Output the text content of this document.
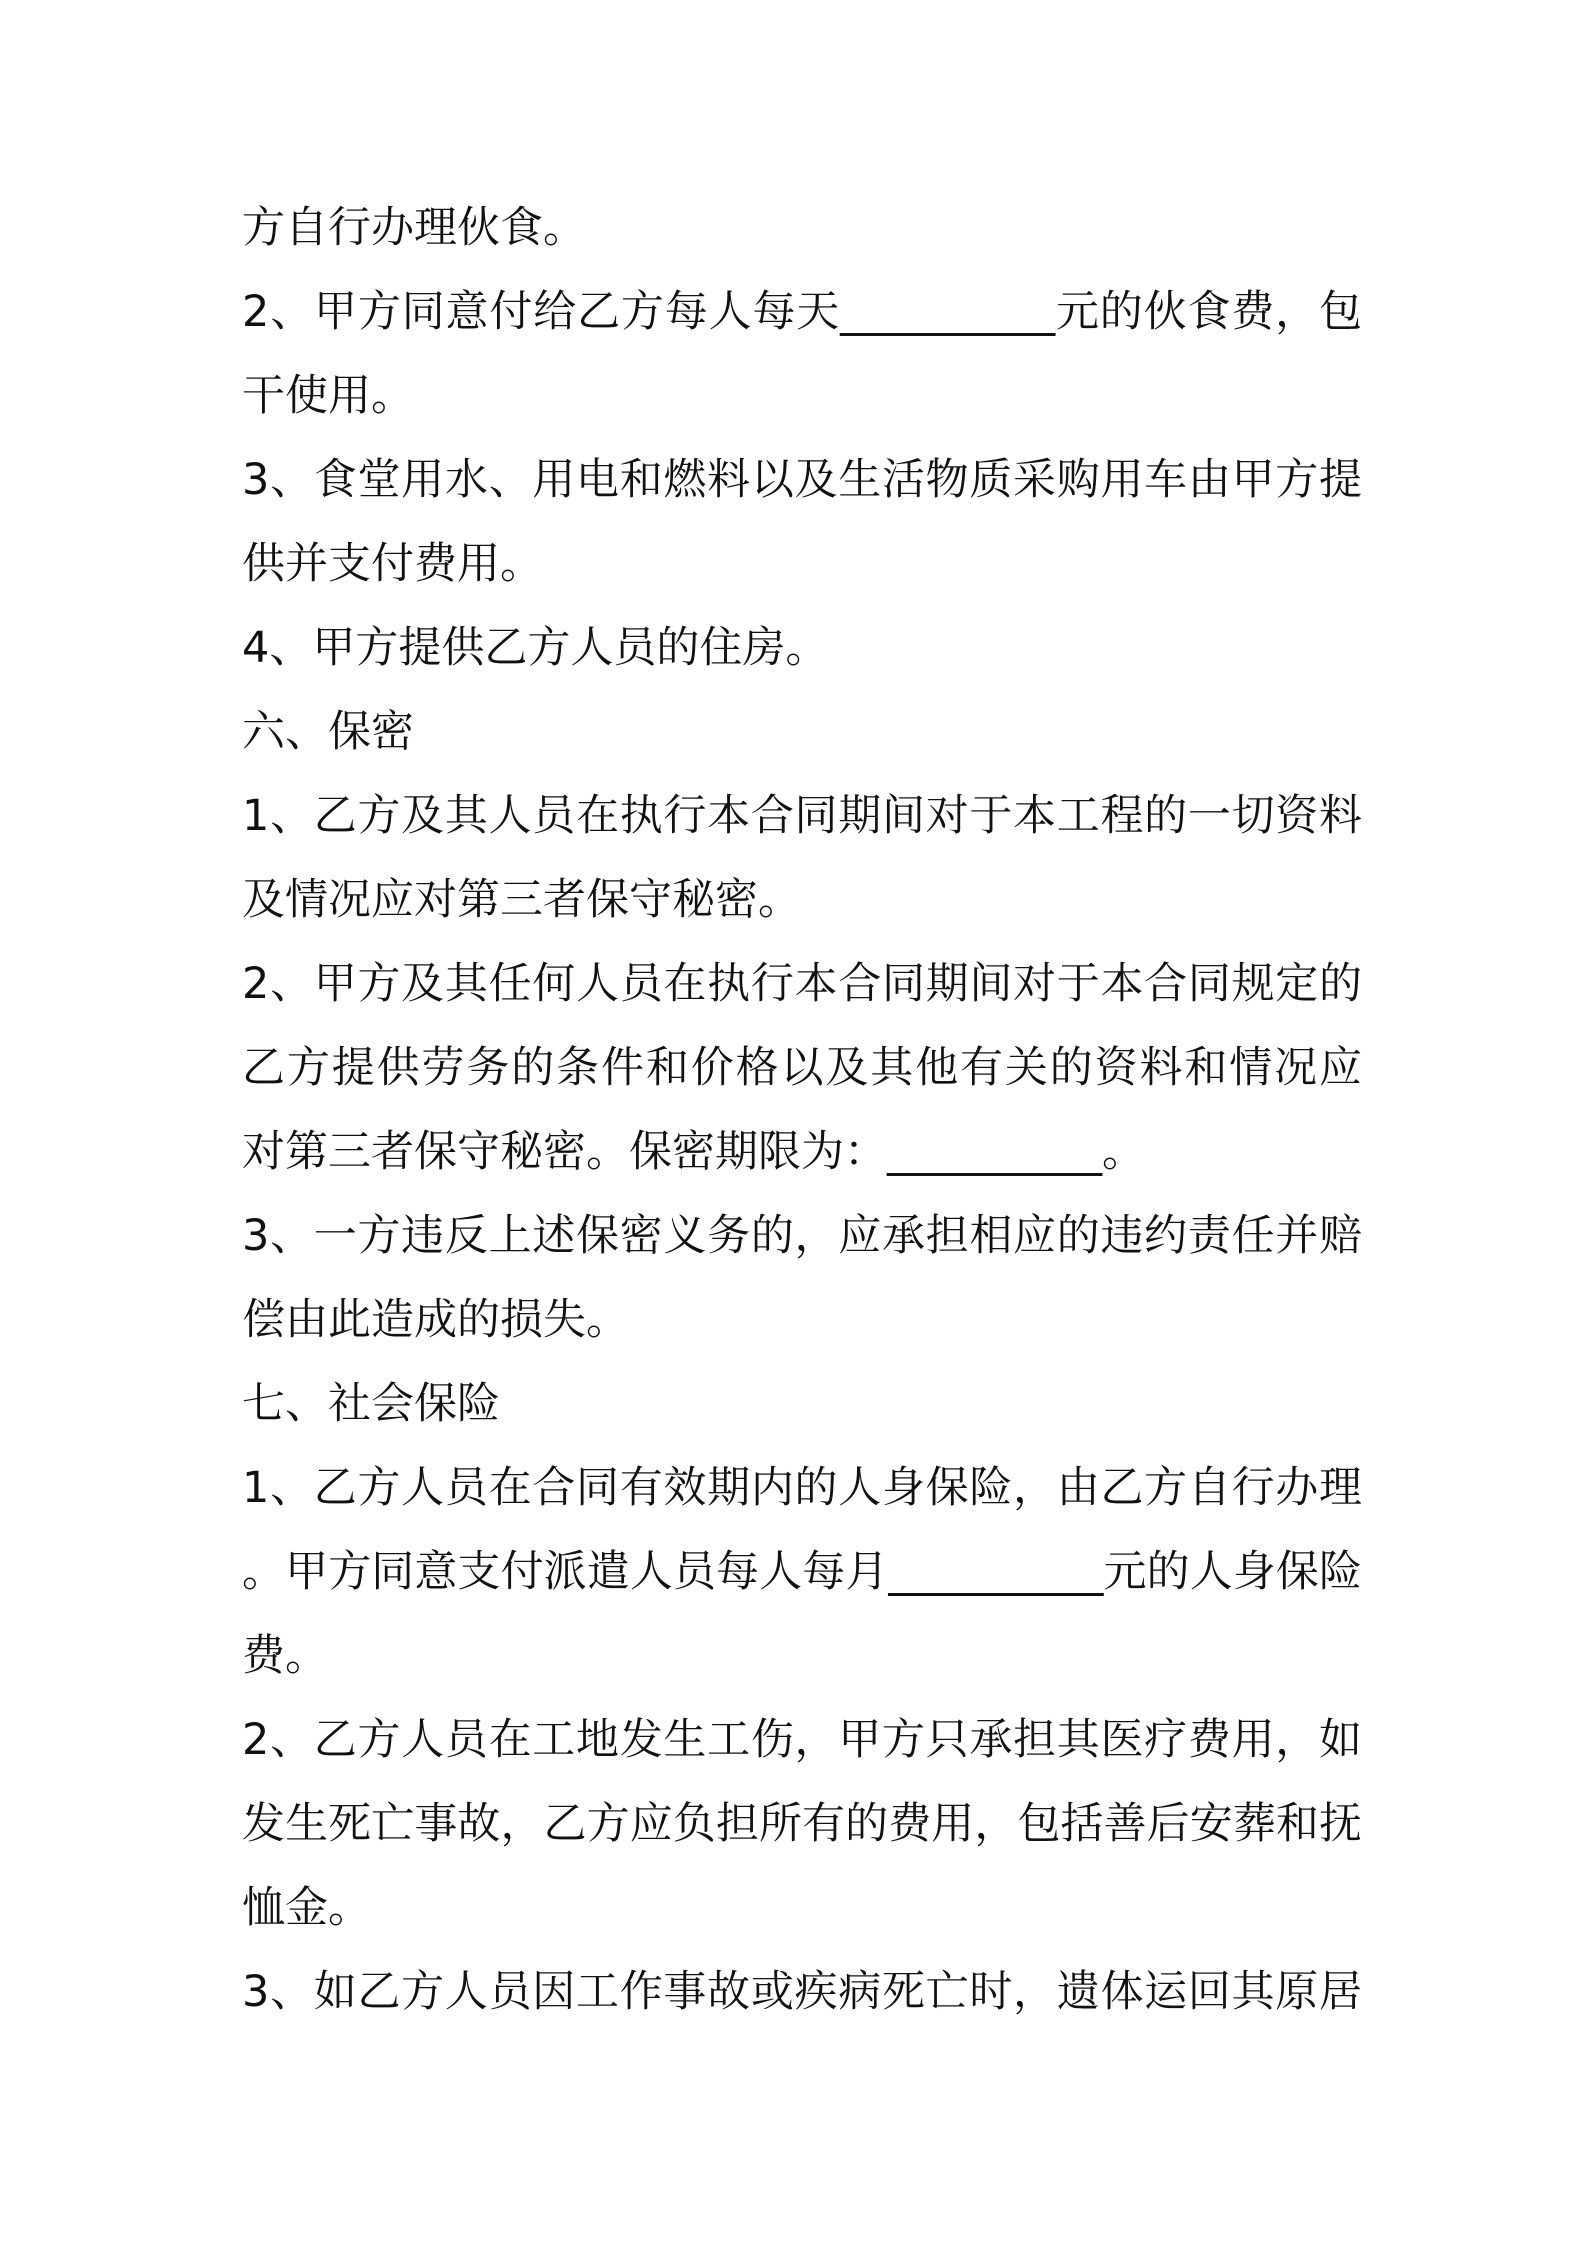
方自行办理伙食。
2、甲方同意付给乙方每人每天__________元的伙食费，包
干使用。
3、食堂用水、用电和燃料以及生活物质采购用车由甲方提
供并支付费用。
4、甲方提供乙方人员的住房。
六、保密
1、乙方及其人员在执行本合同期间对于本工程的一切资料
及情况应对第三者保守秘密。
2、甲方及其任何人员在执行本合同期间对于本合同规定的
乙方提供劳务的条件和价格以及其他有关的资料和情况应
对第三者保守秘密。保密期限为：__________。
3、一方违反上述保密义务的，应承担相应的违约责任并赔
偿由此造成的损失。
七、社会保险
1、乙方人员在合同有效期内的人身保险，由乙方自行办理
。甲方同意支付派遣人员每人每月__________元的人身保险
费。
2、乙方人员在工地发生工伤，甲方只承担其医疗费用，如
发生死亡事故，乙方应负担所有的费用，包括善后安葬和抚
恤金。
3、如乙方人员因工作事故或疾病死亡时，遗体运回其原居
